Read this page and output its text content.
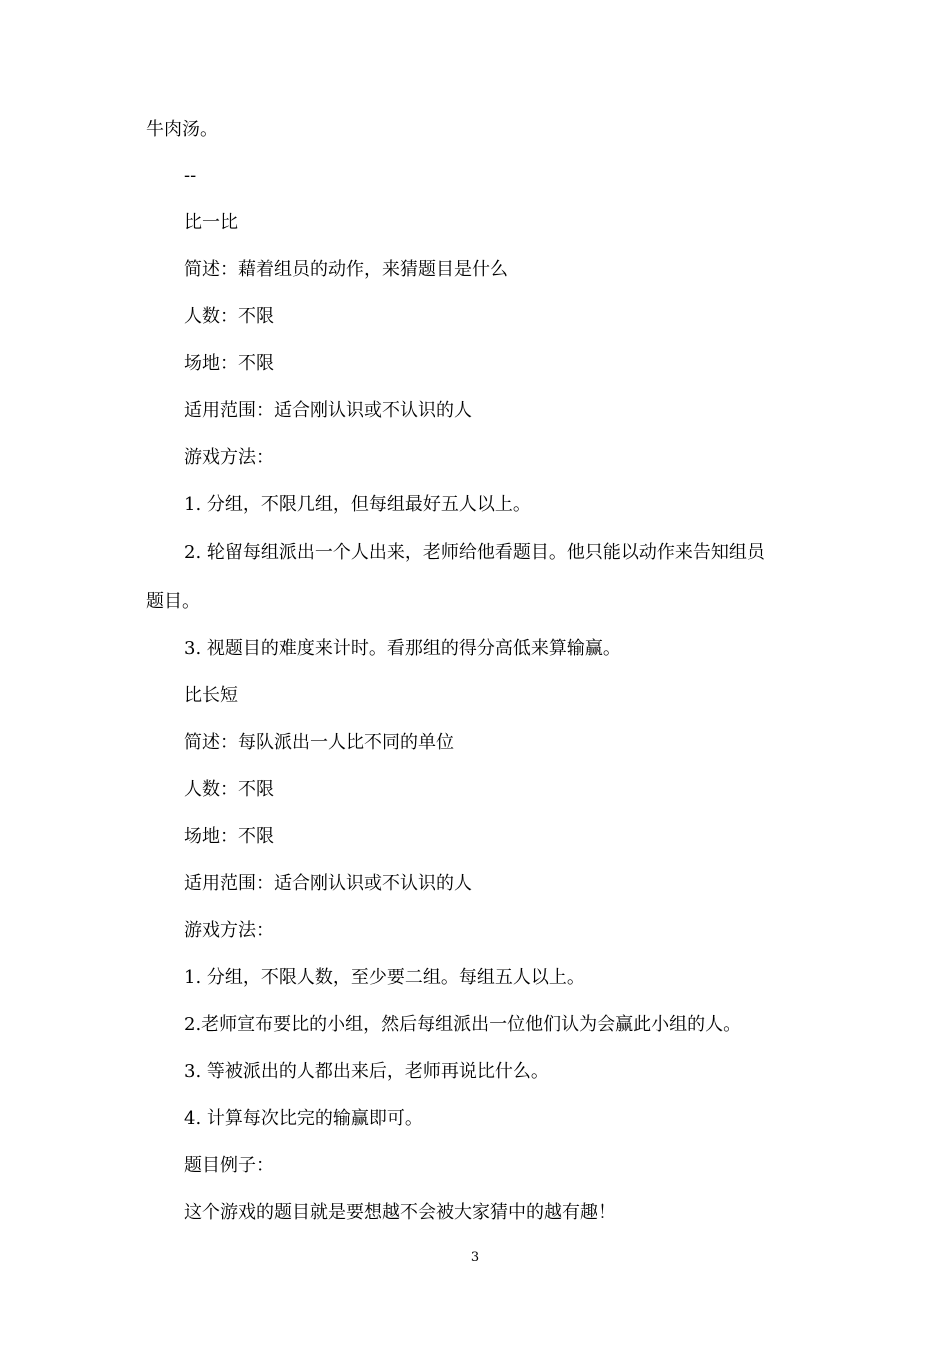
牛肉汤。
--
比一比
简述：藉着组员的动作，来猜题目是什么
人数：不限
场地：不限
适用范围：适合刚认识或不认识的人
游戏方法：
1. 分组，不限几组，但每组最好五人以上。
2. 轮留每组派出一个人出来，老师给他看题目。他只能以动作来告知组员
题目。
3. 视题目的难度来计时。看那组的得分高低来算输赢。
比长短
简述：每队派出一人比不同的单位
人数：不限
场地：不限
适用范围：适合刚认识或不认识的人
游戏方法：
1. 分组，不限人数，至少要二组。每组五人以上。
2.老师宣布要比的小组，然后每组派出一位他们认为会赢此小组的人。
3. 等被派出的人都出来后，老师再说比什么。
4. 计算每次比完的输赢即可。
题目例子：
这个游戏的题目就是要想越不会被大家猜中的越有趣！
3
